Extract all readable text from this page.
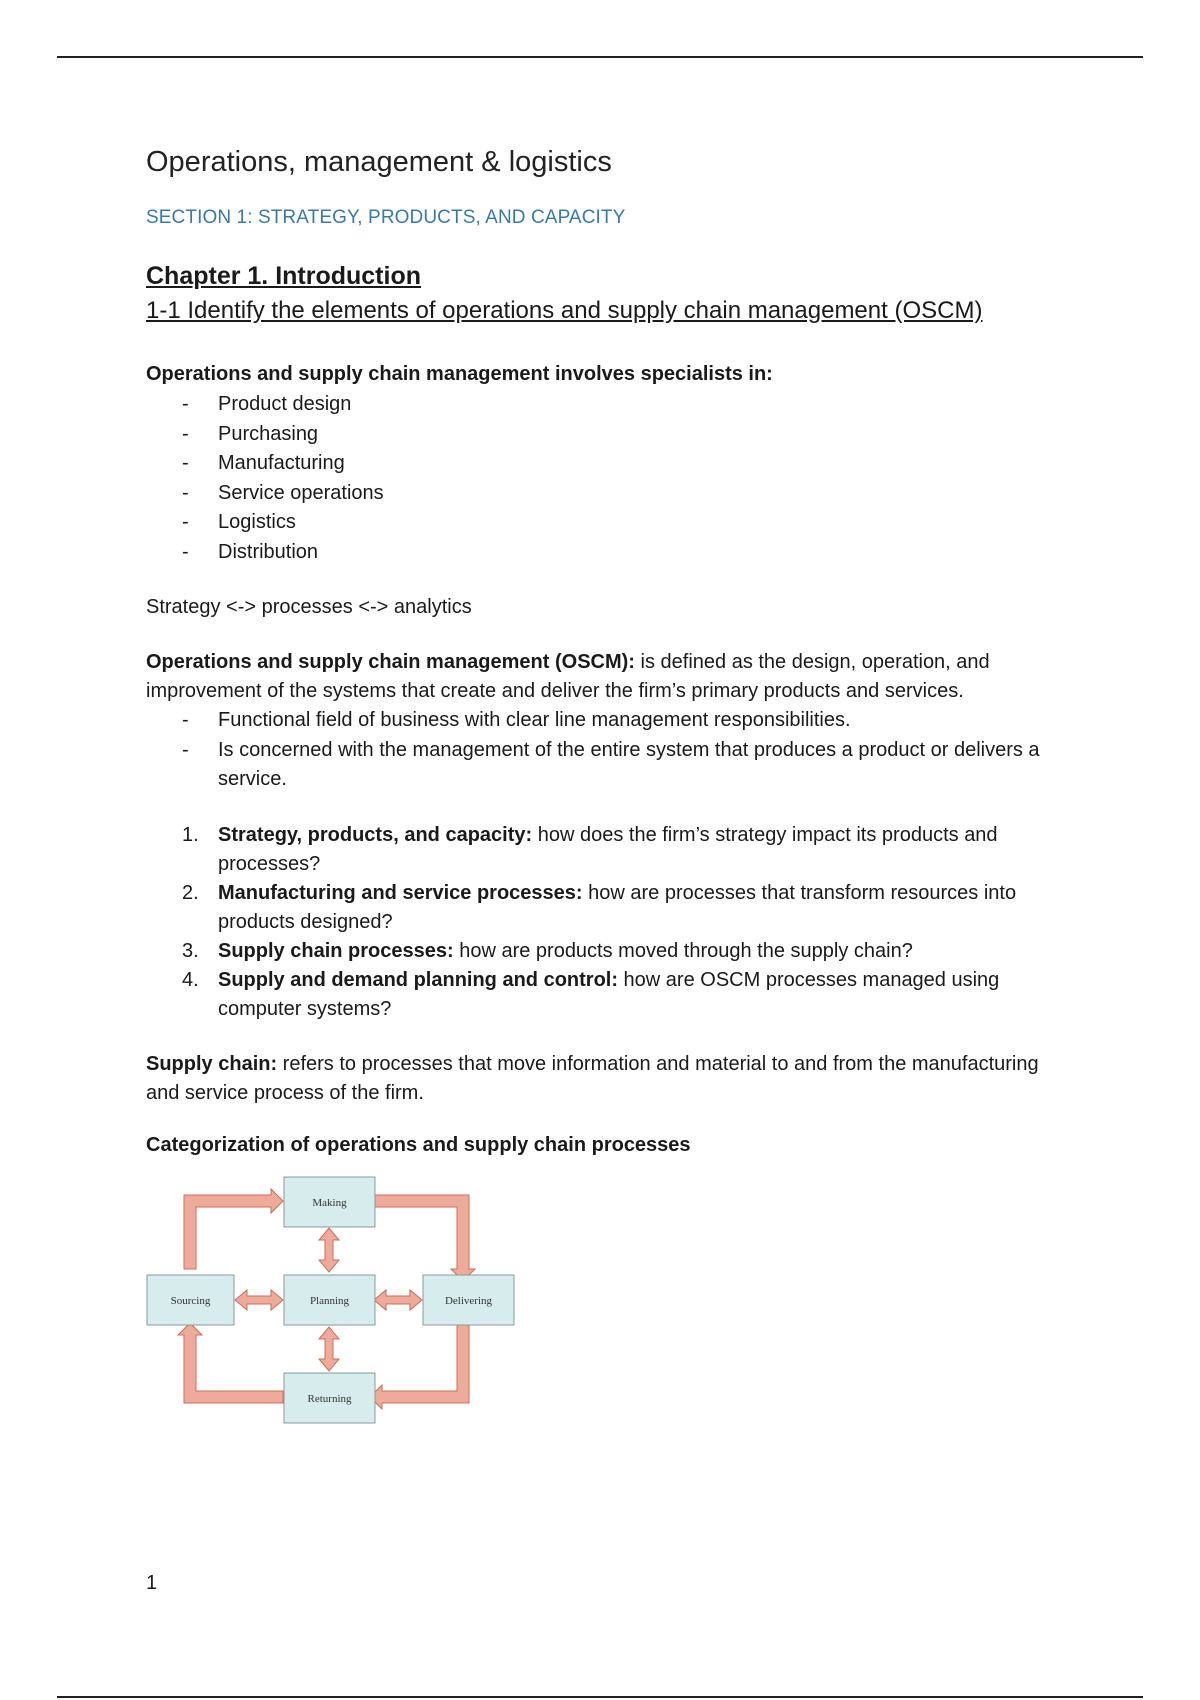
Operations, management & logistics
SECTION 1: STRATEGY, PRODUCTS, AND CAPACITY
Chapter 1. Introduction
1-1 Identify the elements of operations and supply chain management (OSCM)
Operations and supply chain management involves specialists in:
- Product design
- Purchasing
- Manufacturing
- Service operations
- Logistics
- Distribution

Strategy <-> processes <-> analytics

Operations and supply chain management (OSCM): is defined as the design, operation, and improvement of the systems that create and deliver the firm’s primary products and services.

- Functional field of business with clear line management responsibilities.
- Is concerned with the management of the entire system that produces a product or delivers a service.
1. Strategy, products, and capacity: how does the firm’s strategy impact its products and processes?
2. Manufacturing and service processes: how are processes that transform resources into products designed?
3. Supply chain processes: how are products moved through the supply chain?
4. Supply and demand planning and control: how are OSCM processes managed using computer systems?

Supply chain: refers to processes that move information and material to and from the manufacturing and service process of the firm.

Categorization of operations and supply chain processes
Making
Sourcing	Planning	Delivering
Returning
1
